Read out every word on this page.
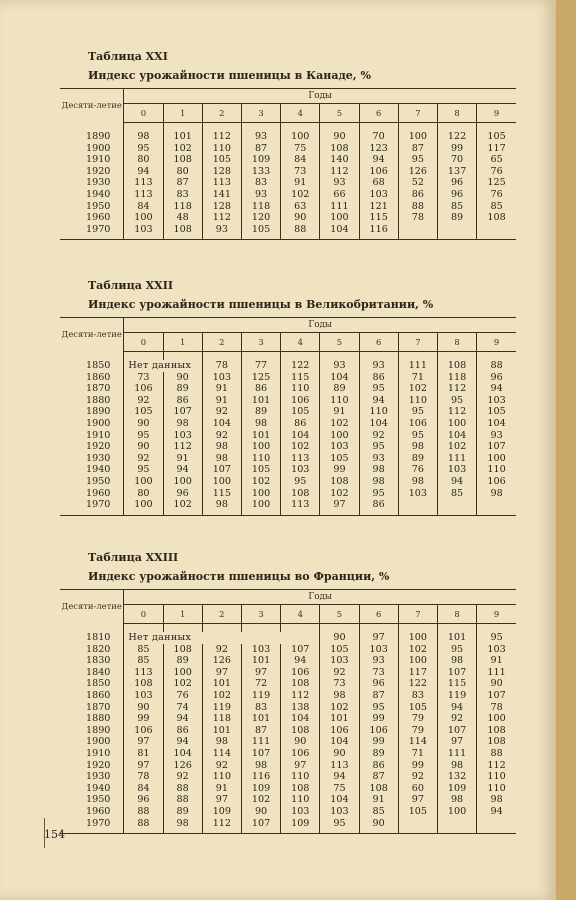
Таблица XXI
Индекс урожайности пшеницы в Канаде, %
Десяти-летие	Годы									
	0	1	2	3	4	5	6	7	8	9

1890	98	101	112	93	100	90	70	100	122	105
1900	95	102	110	87	75	108	123	87	99	117
1910	80	108	105	109	84	140	94	95	70	65
1920	94	80	128	133	73	112	106	126	137	76
1930	113	87	113	83	91	93	68	52	96	125
1940	113	83	141	93	102	66	103	86	96	76
1950	84	118	128	118	63	111	121	88	85	85
1960	100	48	112	120	90	100	115	78	89	108
1970	103	108	93	105	88	104	116			
Таблица XXII
Индекс урожайности пшеницы в Великобритании, %
Десяти-летие	Годы									
	0	1	2	3	4	5	6	7	8	9

1850	Нет данных		78	77	122	93	93	111	108	88
1860	73	90	103	125	115	104	86	71	118	96
1870	106	89	91	86	110	89	95	102	112	94
1880	92	86	91	101	106	110	94	110	95	103
1890	105	107	92	89	105	91	110	95	112	105
1900	90	98	104	98	86	102	104	106	100	104
1910	95	103	92	101	104	100	92	95	104	93
1920	90	112	98	100	102	103	95	98	102	107
1930	92	91	98	110	113	105	93	89	111	100
1940	95	94	107	105	103	99	98	76	103	110
1950	100	100	100	102	95	108	98	98	94	106
1960	80	96	115	100	108	102	95	103	85	98
1970	100	102	98	100	113	97	86			
Таблица XXIII
Индекс урожайности пшеницы во Франции, %
Десяти-летие	Годы									
	0	1	2	3	4	5	6	7	8	9

1810	Нет данных					90	97	100	101	95
1820	85	108	92	103	107	105	103	102	95	103
1830	85	89	126	101	94	103	93	100	98	91
1840	113	100	97	97	106	92	73	117	107	111
1850	108	102	101	72	108	73	96	122	115	90
1860	103	76	102	119	112	98	87	83	119	107
1870	90	74	119	83	138	102	95	105	94	78
1880	99	94	118	101	104	101	99	79	92	100
1890	106	86	101	87	108	106	106	79	107	108
1900	97	94	98	111	90	104	99	114	97	108
1910	81	104	114	107	106	90	89	71	111	88
1920	97	126	92	98	97	113	86	99	98	112
1930	78	92	110	116	110	94	87	92	132	110
1940	84	88	91	109	108	75	108	60	109	110
1950	96	88	97	102	110	104	91	97	98	98
1960	88	89	109	90	103	103	85	105	100	94
1970	88	98	112	107	109	95	90			
154
